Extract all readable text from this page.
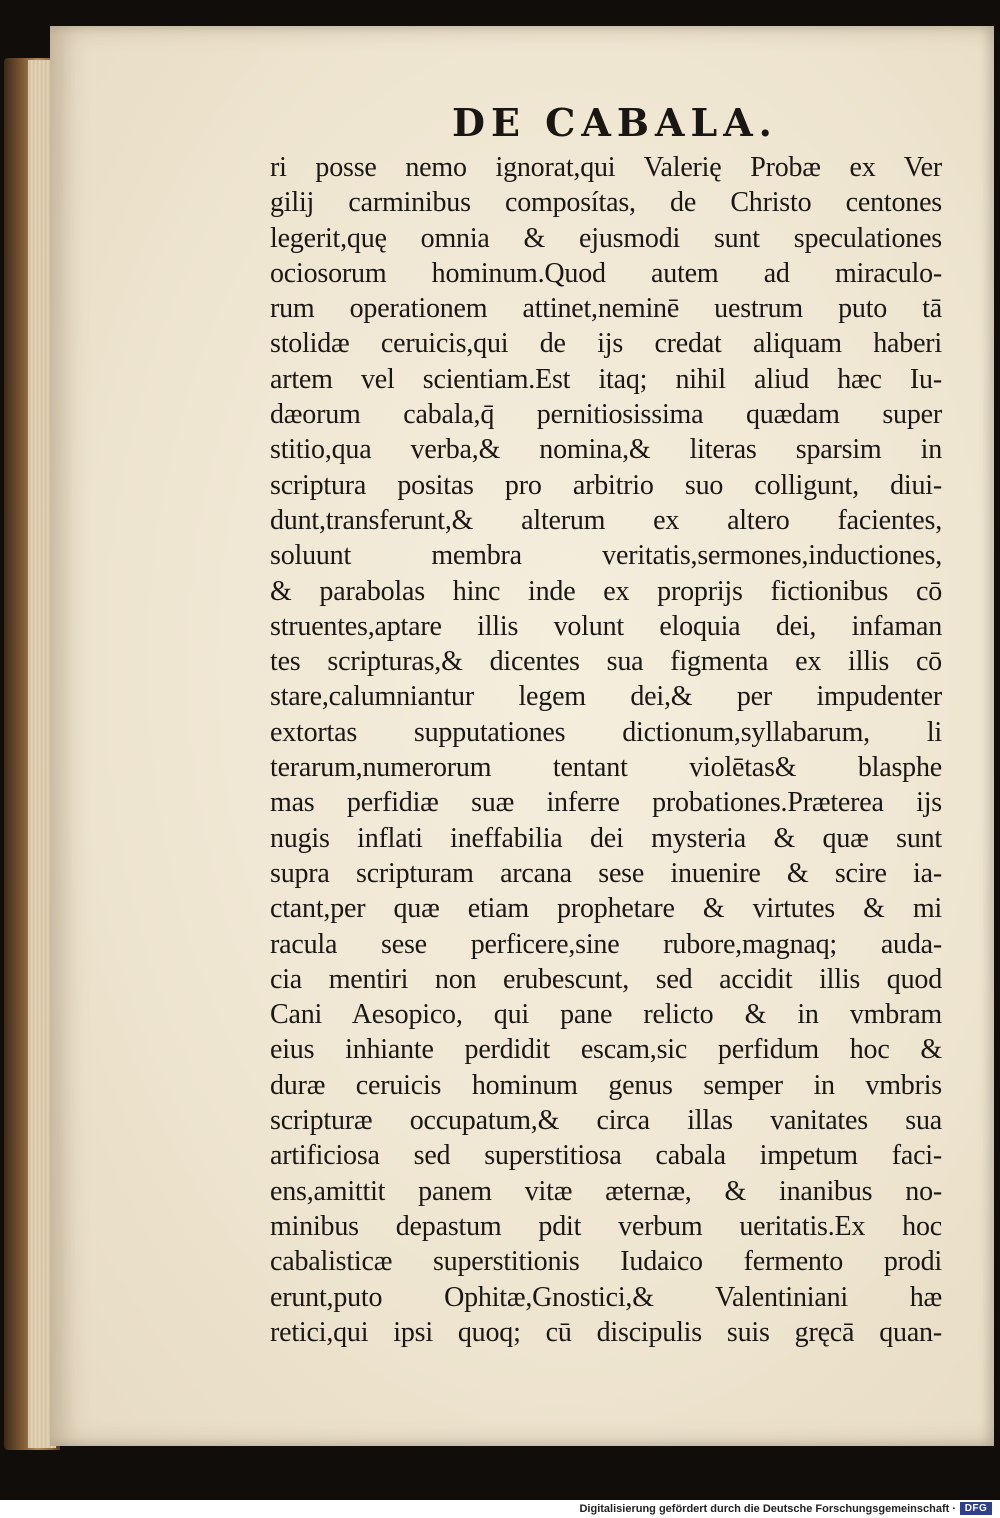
DE CABALA.
ri posse nemo ignorat,qui Valerię Probæ ex Ver
gilij carminibus composítas, de Christo centones
legerit,quę omnia & ejusmodi sunt speculationes
ociosorum hominum.Quod autem ad miraculo-
rum operationem attinet,neminē uestrum puto tā
stolidæ ceruicis,qui de ijs credat aliquam haberi
artem vel scientiam.Est itaq; nihil aliud hæc Iu-
dæorum cabala,q̄ pernitiosissima quædam super
stitio,qua verba,& nomina,& literas sparsim in
scriptura positas pro arbitrio suo colligunt, diui-
dunt,transferunt,& alterum ex altero facientes,
soluunt membra veritatis,sermones,inductiones,
& parabolas hinc inde ex proprijs fictionibus cō
struentes,aptare illis volunt eloquia dei, infaman
tes scripturas,& dicentes sua figmenta ex illis cō
stare,calumniantur legem dei,& per impudenter
extortas supputationes dictionum,syllabarum, li
terarum,numerorum tentant violētas& blasphe
mas perfidiæ suæ inferre probationes.Præterea ijs
nugis inflati ineffabilia dei mysteria & quæ sunt
supra scripturam arcana sese inuenire & scire ia-
ctant,per quæ etiam prophetare & virtutes & mi
racula sese perficere,sine rubore,magnaq; auda-
cia mentiri non erubescunt, sed accidit illis quod
Cani Aesopico, qui pane relicto & in vmbram
eius inhiante perdidit escam,sic perfidum hoc &
duræ ceruicis hominum genus semper in vmbris
scripturæ occupatum,& circa illas vanitates sua
artificiosa sed superstitiosa cabala impetum faci-
ens,amittit panem vitæ æternæ, & inanibus no-
minibus depastum pdit verbum ueritatis.Ex hoc
cabalisticæ superstitionis Iudaico fermento prodi
erunt,puto Ophitæ,Gnostici,& Valentiniani hæ
retici,qui ipsi quoq; cū discipulis suis gręcā quan-
Digitalisierung gefördert durch die Deutsche Forschungsgemeinschaft · DFG
